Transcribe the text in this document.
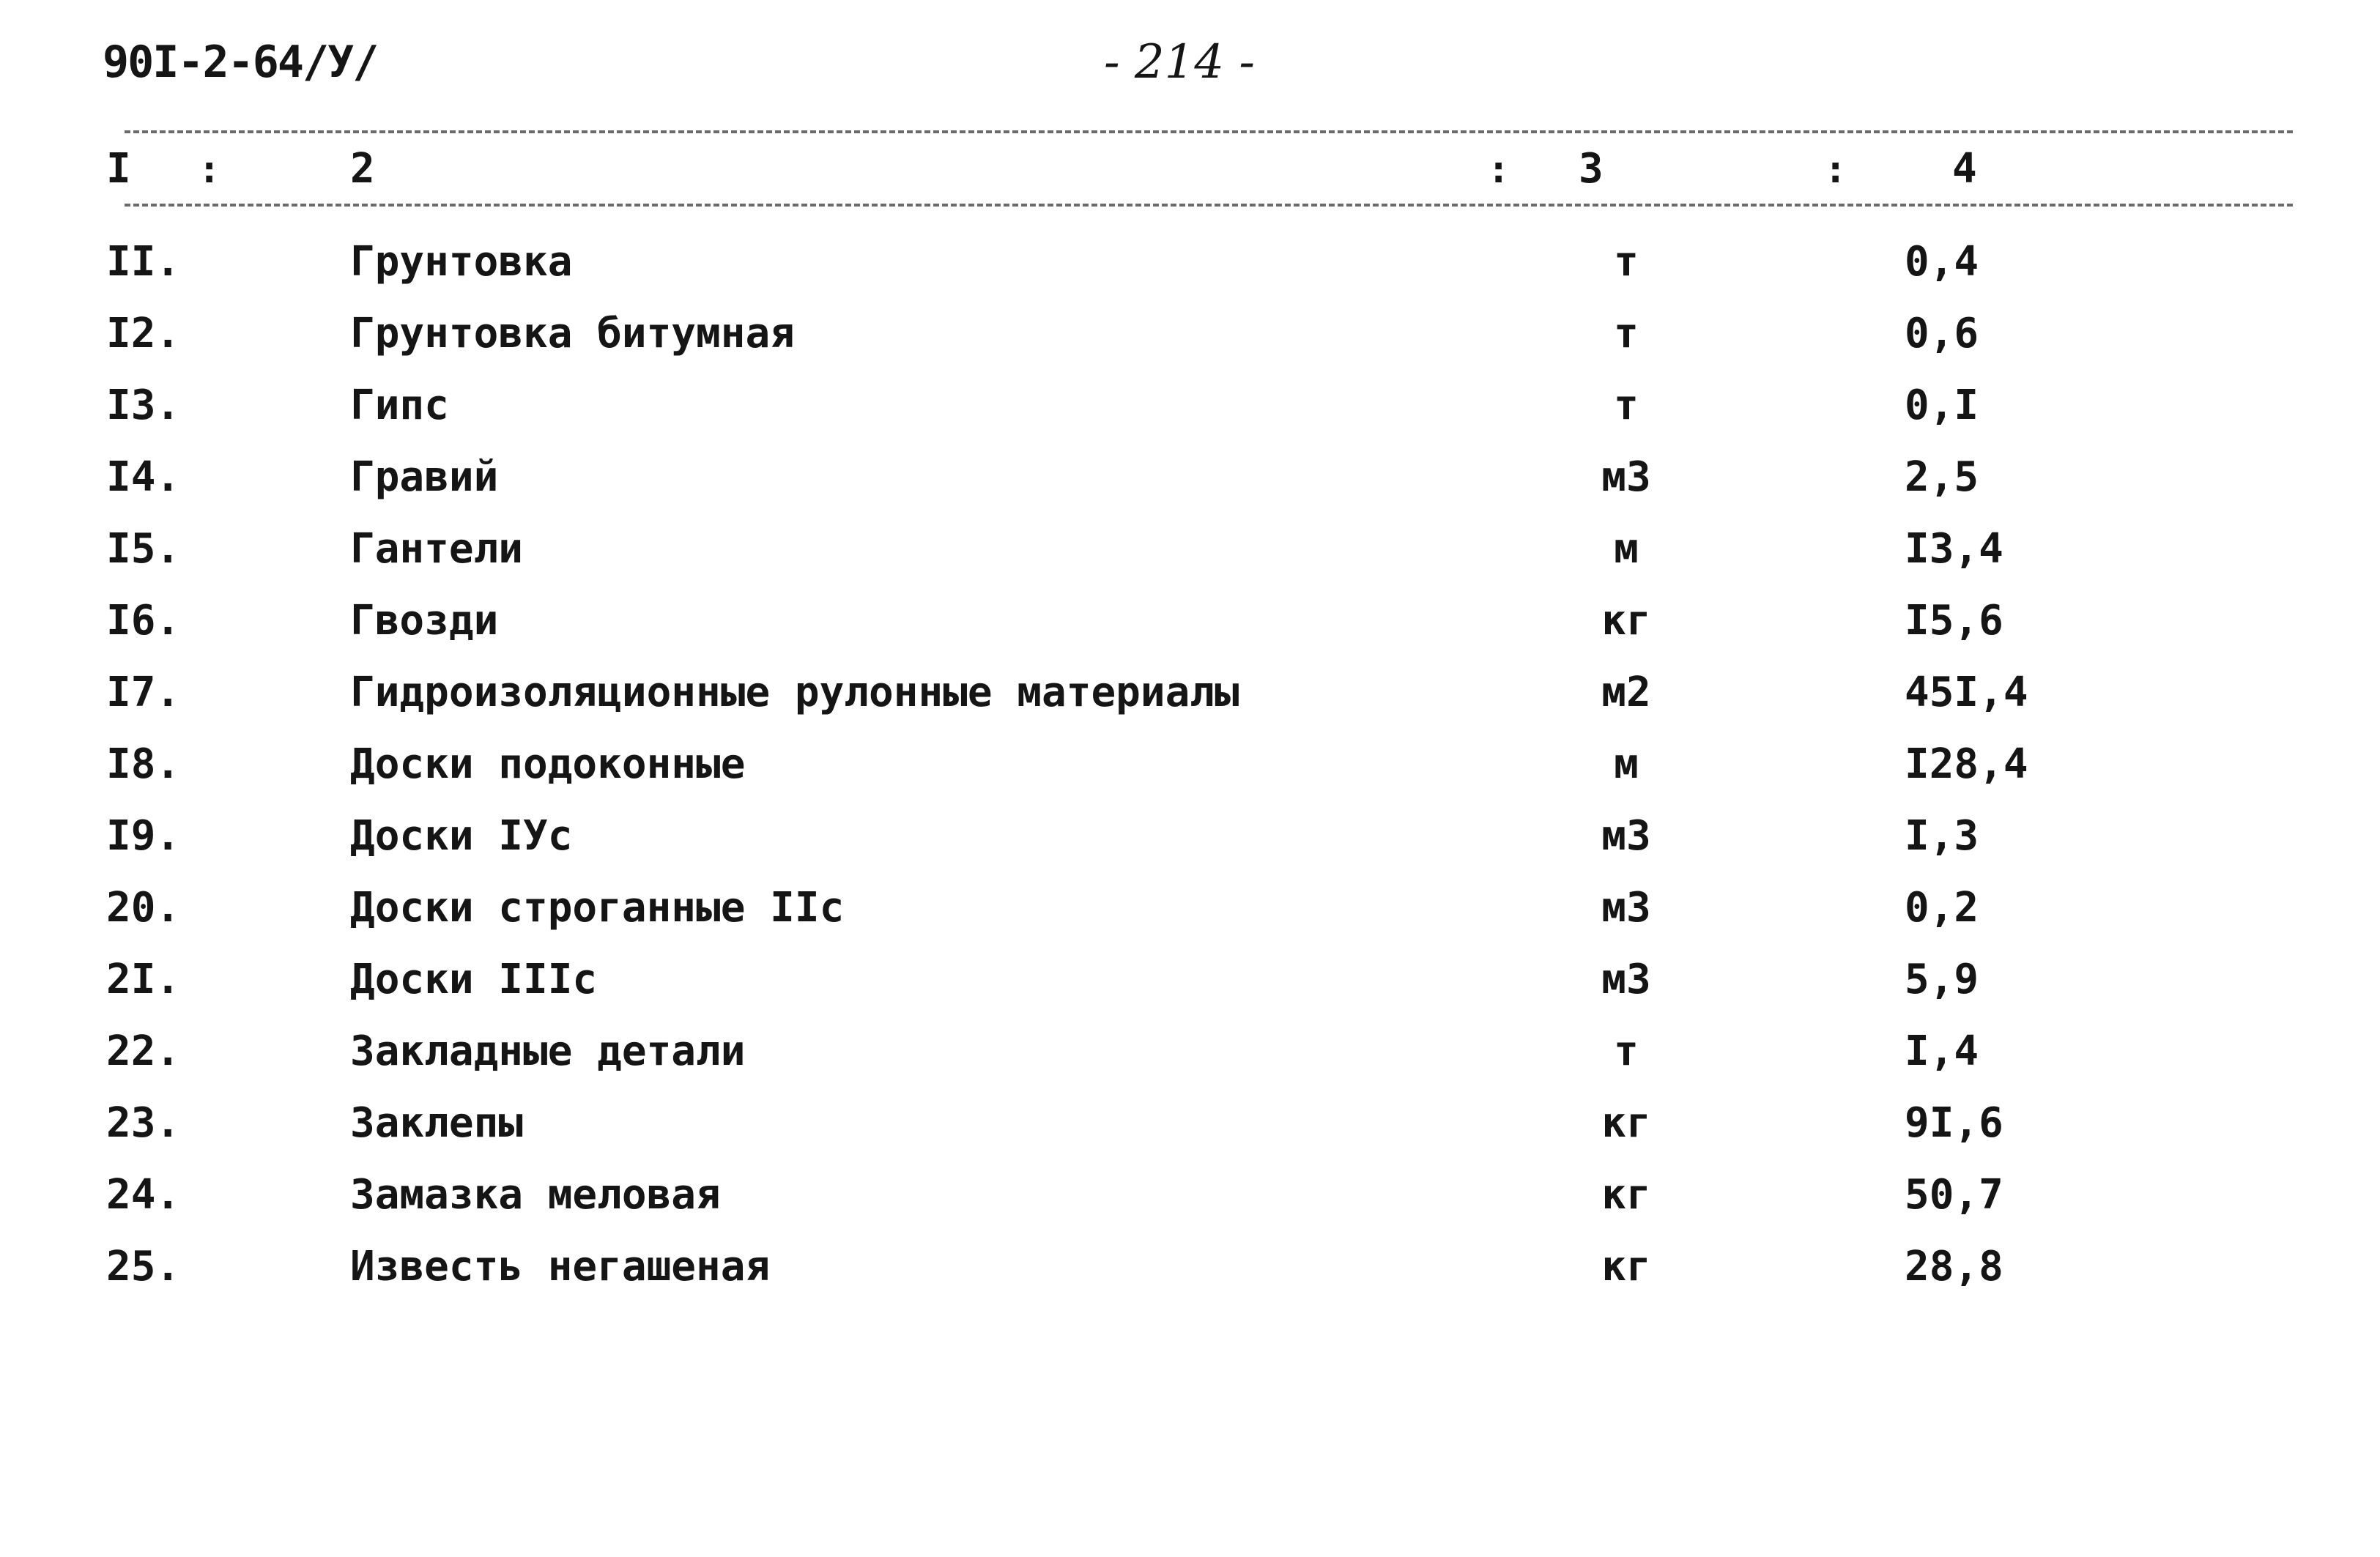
90I-2-64/У/	- 214 -
I :	2	: 3	:	4
II.	Грунтовка	т	0,4
I2.	Грунтовка битумная	т	0,6
I3.	Гипс	т	0,I
I4.	Гравий	м3	2,5
I5.	Гантели	м	I3,4
I6.	Гвозди	кг	I5,6
I7.	Гидроизоляционные рулонные материалы	м2	45I,4
I8.	Доски подоконные	м	I28,4
I9.	Доски IУс	м3	I,3
20.	Доски строганные IIс	м3	0,2
2I.	Доски IIIс	м3	5,9
22.	Закладные детали	т	I,4
23.	Заклепы	кг	9I,6
24.	Замазка меловая	кг	50,7
25.	Известь негашеная	кг	28,8
